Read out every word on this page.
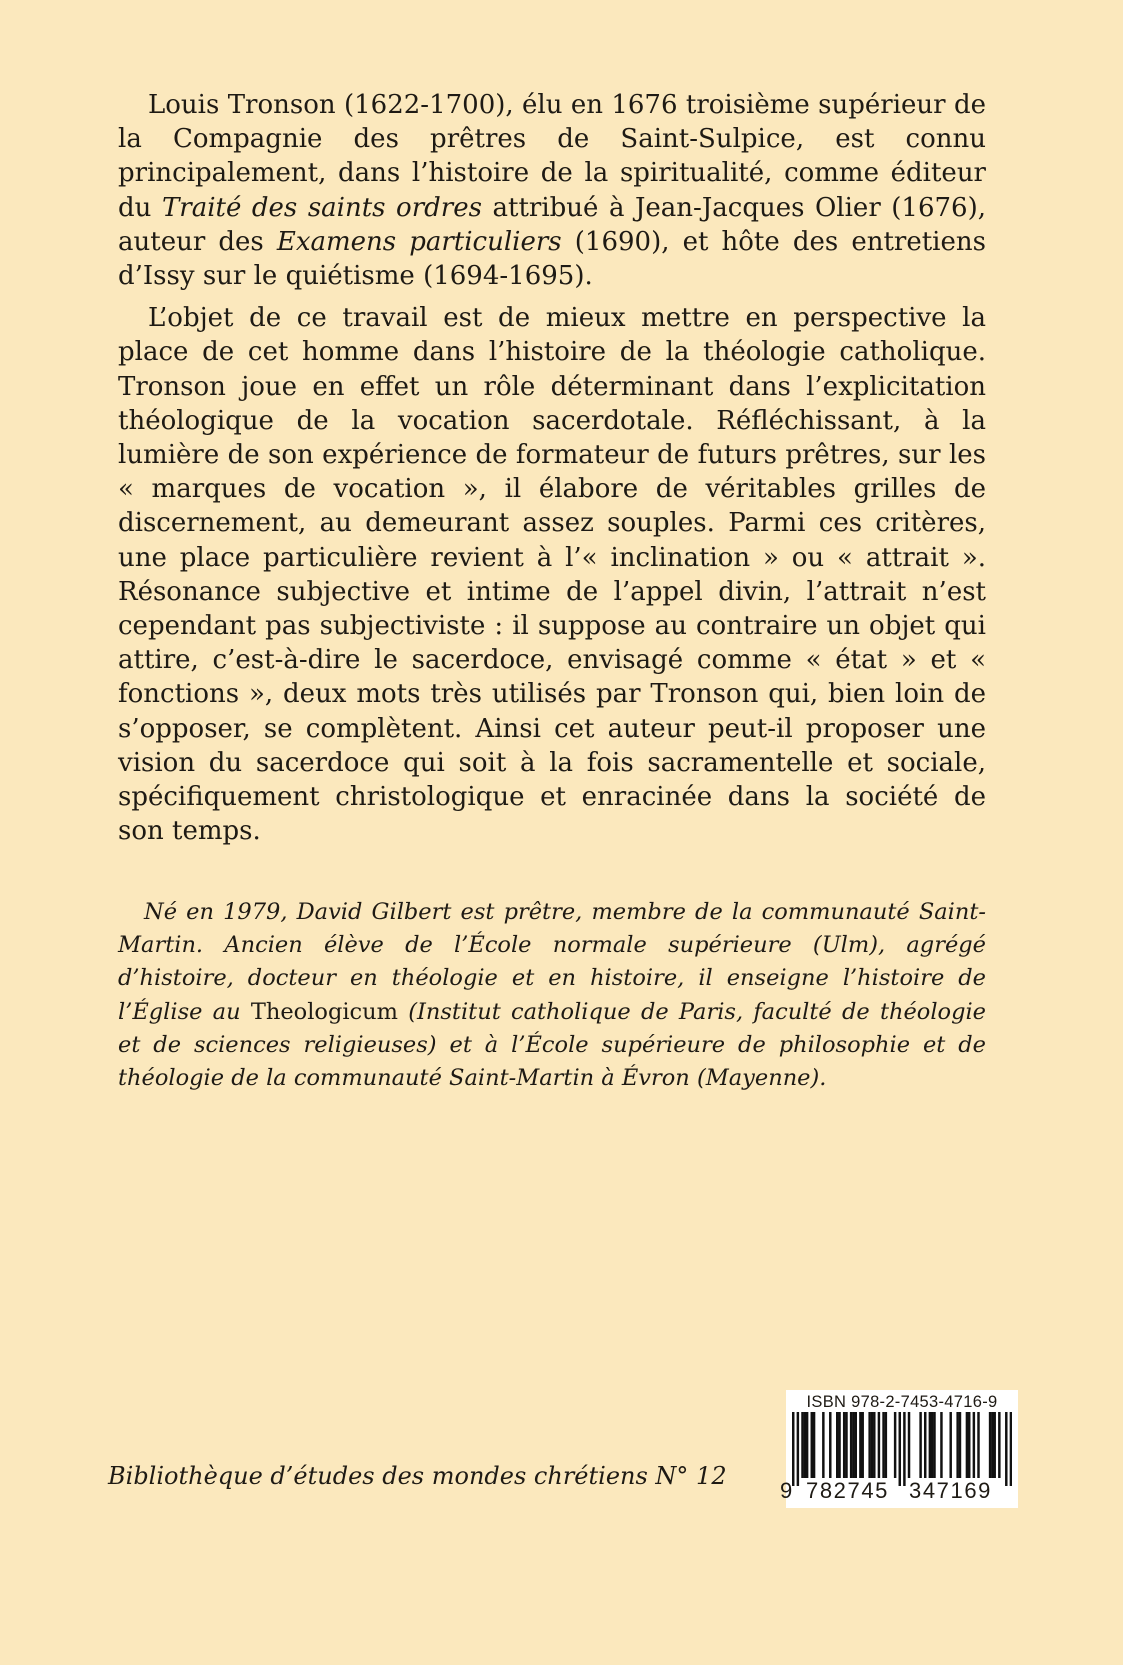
Louis Tronson (1622-1700), élu en 1676 troisième supérieur de la Compagnie des prêtres de Saint-Sulpice, est connu principalement, dans l’histoire de la spiritualité, comme éditeur du Traité des saints ordres attribué à Jean-Jacques Olier (1676), auteur des Examens particuliers (1690), et hôte des entretiens d’Issy sur le quiétisme (1694-1695).

L’objet de ce travail est de mieux mettre en perspective la place de cet homme dans l’histoire de la théologie catholique. Tronson joue en effet un rôle déterminant dans l’explicitation théologique de la vocation sacerdotale. Réfléchissant, à la lumière de son expérience de formateur de futurs prêtres, sur les « marques de vocation », il élabore de véritables grilles de discernement, au demeurant assez souples. Parmi ces critères, une place particulière revient à l’« inclination » ou « attrait ». Résonance subjective et intime de l’appel divin, l’attrait n’est cependant pas subjectiviste : il suppose au contraire un objet qui attire, c’est-à-dire le sacerdoce, envisagé comme « état » et « fonctions », deux mots très utilisés par Tronson qui, bien loin de s’opposer, se complètent. Ainsi cet auteur peut-il proposer une vision du sacerdoce qui soit à la fois sacramentelle et sociale, spécifiquement christologique et enracinée dans la société de son temps.

Né en 1979, David Gilbert est prêtre, membre de la communauté Saint-Martin. Ancien élève de l’École normale supérieure (Ulm), agrégé d’histoire, docteur en théologie et en histoire, il enseigne l’histoire de l’Église au Theologicum (Institut catholique de Paris, faculté de théologie et de sciences religieuses) et à l’École supérieure de philosophie et de théologie de la communauté Saint-Martin à Évron (Mayenne).

Bibliothèque d’études des mondes chrétiens N° 12
ISBN 978-2-7453-4716-9
9 782745 347169
